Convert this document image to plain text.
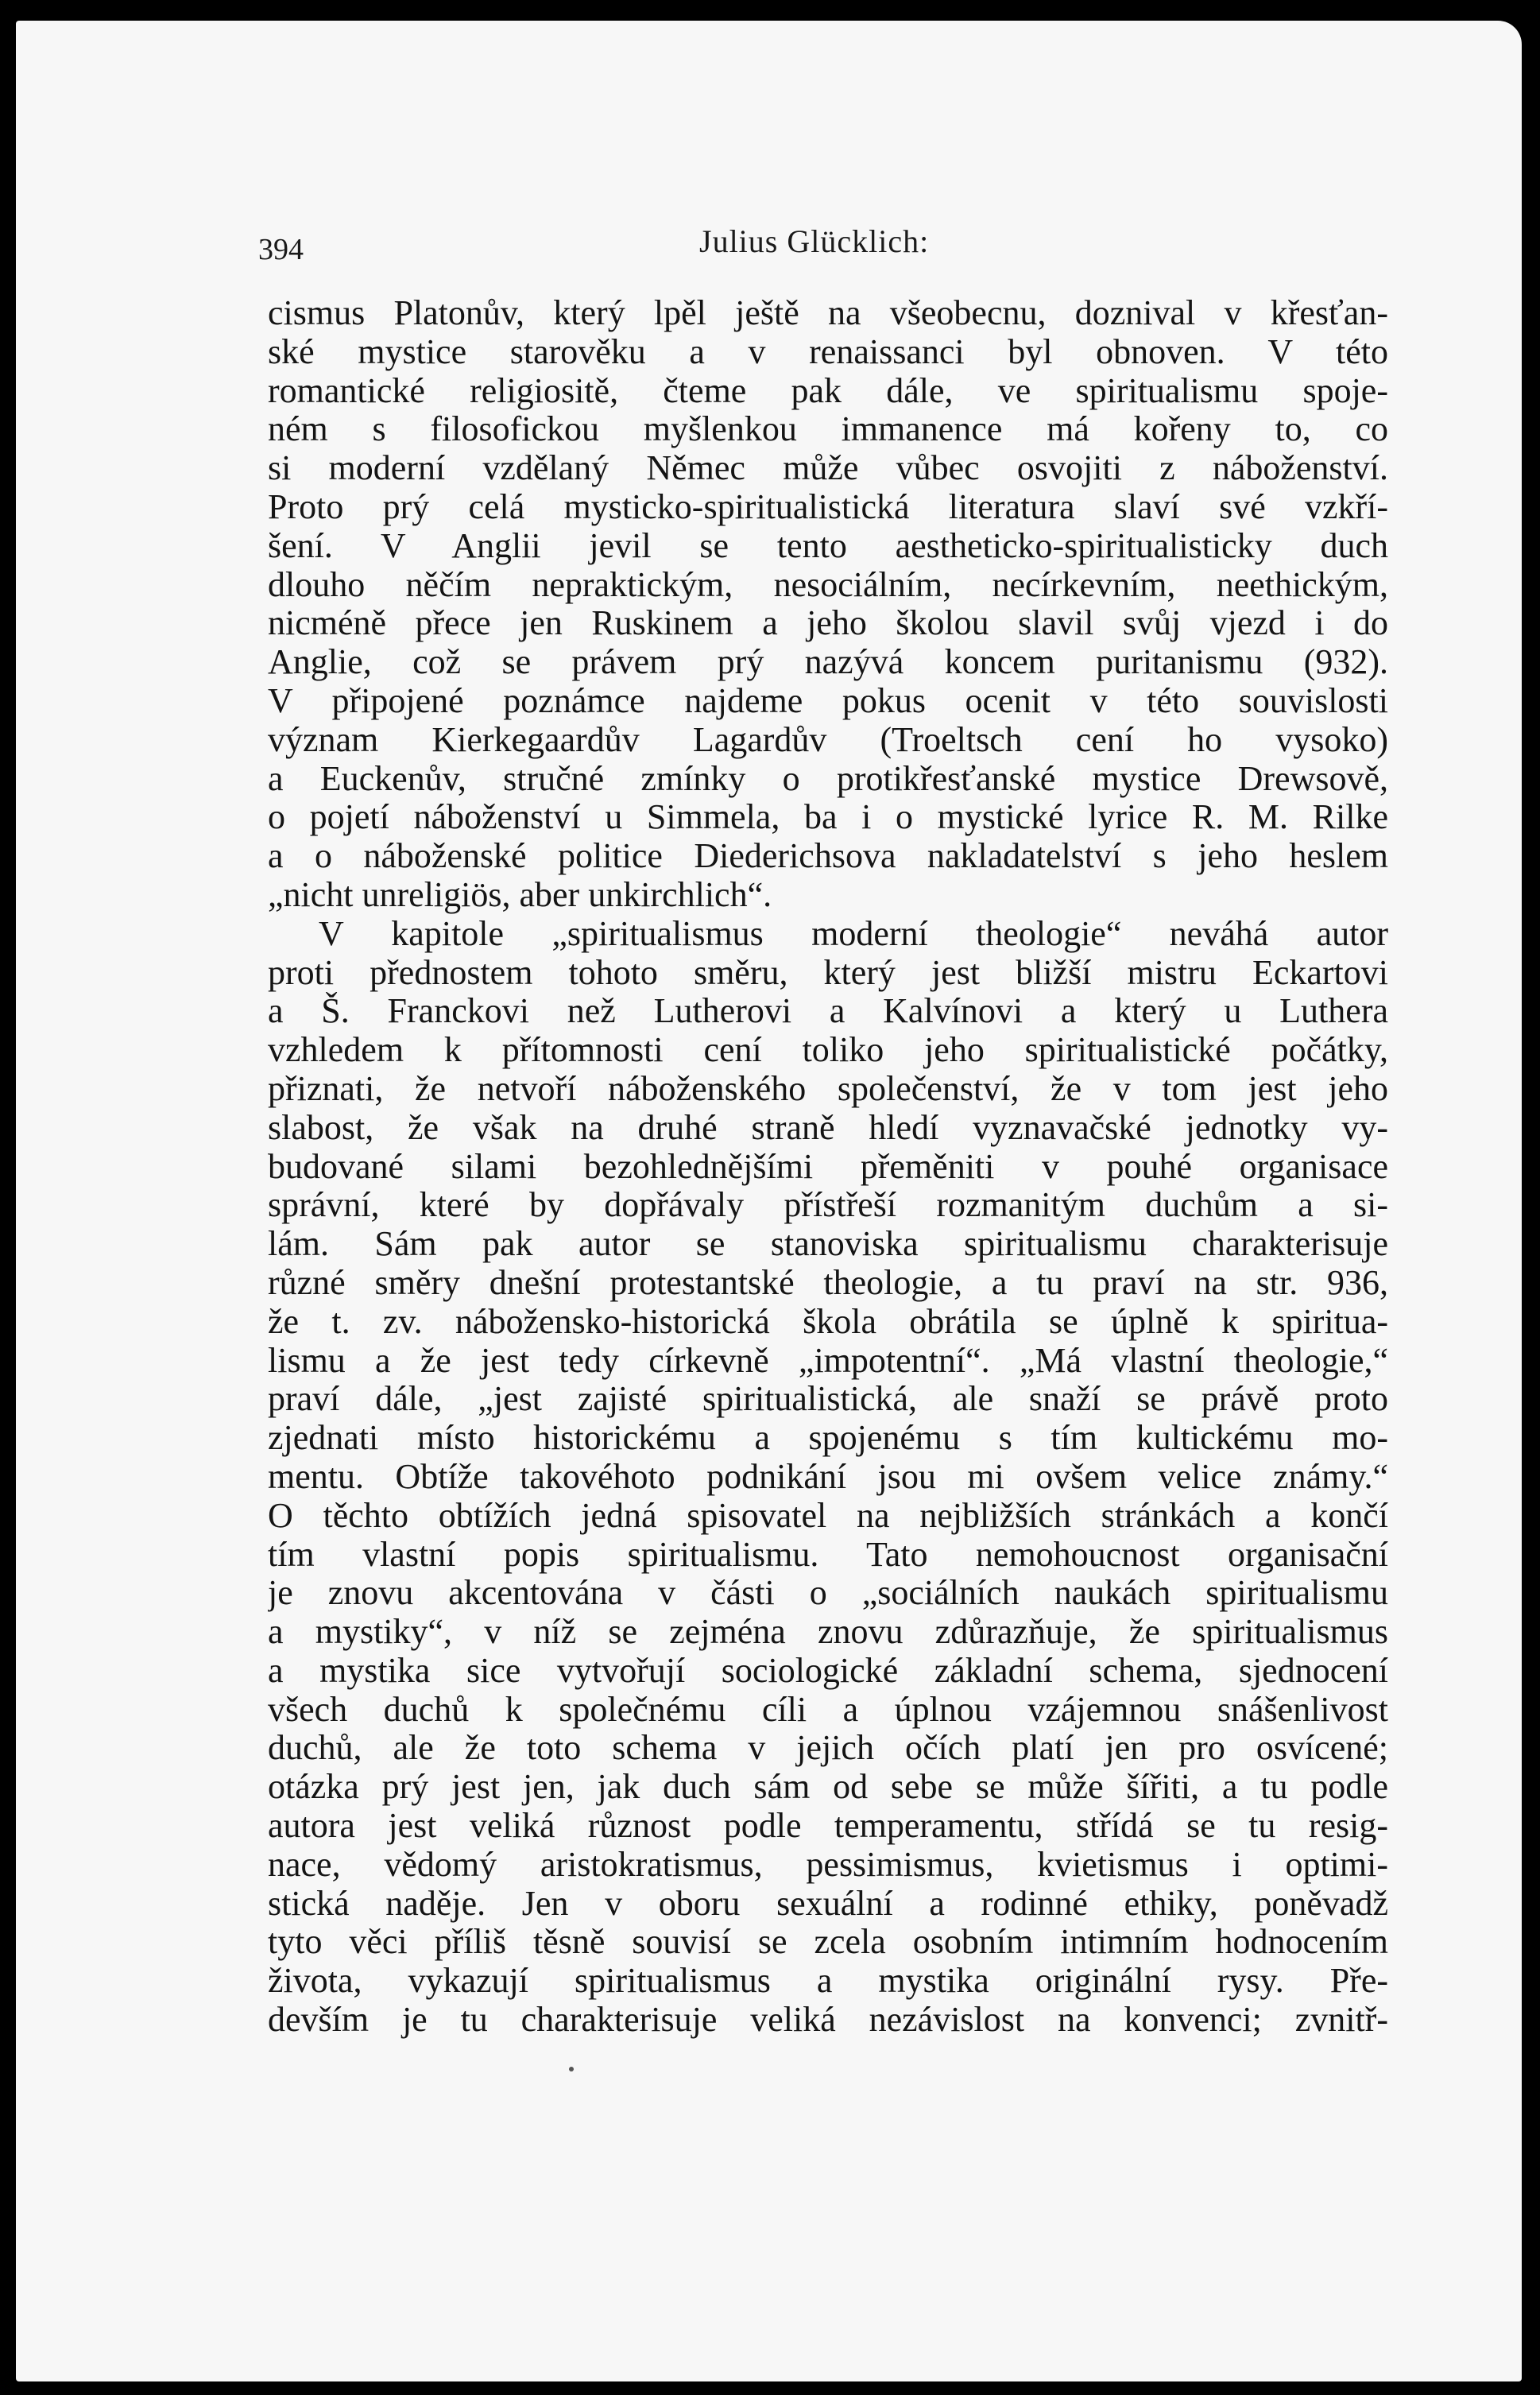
394	Julius Glücklich:
cismus Platonův, který lpěl ještě na všeobecnu, doznival v křesťan-
ské mystice starověku a v renaissanci byl obnoven. V této
romantické religiositě, čteme pak dále, ve spiritualismu spoje-
ném s filosofickou myšlenkou immanence má kořeny to, co
si moderní vzdělaný Němec může vůbec osvojiti z náboženství.
Proto prý celá mysticko-spiritualistická literatura slaví své vzkří-
šení. V Anglii jevil se tento aestheticko-spiritualisticky duch
dlouho něčím nepraktickým, nesociálním, necírkevním, neethickým,
nicméně přece jen Ruskinem a jeho školou slavil svůj vjezd i do
Anglie, což se právem prý nazývá koncem puritanismu (932).
V připojené poznámce najdeme pokus ocenit v této souvislosti
význam Kierkegaardův Lagardův (Troeltsch cení ho vysoko)
a Euckenův, stručné zmínky o protikřesťanské mystice Drewsově,
o pojetí náboženství u Simmela, ba i o mystické lyrice R. M. Rilke
a o náboženské politice Diederichsova nakladatelství s jeho heslem
„nicht unreligiös, aber unkirchlich“.
V kapitole „spiritualismus moderní theologie“ neváhá autor
proti přednostem tohoto směru, který jest bližší mistru Eckartovi
a Š. Franckovi než Lutherovi a Kalvínovi a který u Luthera
vzhledem k přítomnosti cení toliko jeho spiritualistické počátky,
přiznati, že netvoří náboženského společenství, že v tom jest jeho
slabost, že však na druhé straně hledí vyznavačské jednotky vy-
budované silami bezohlednějšími přeměniti v pouhé organisace
správní, které by dopřávaly přístřeší rozmanitým duchům a si-
lám. Sám pak autor se stanoviska spiritualismu charakterisuje
různé směry dnešní protestantské theologie, a tu praví na str. 936,
že t. zv. nábožensko-historická škola obrátila se úplně k spiritua-
lismu a že jest tedy církevně „impotentní“. „Má vlastní theologie,“
praví dále, „jest zajisté spiritualistická, ale snaží se právě proto
zjednati místo historickému a spojenému s tím kultickému mo-
mentu. Obtíže takovéhoto podnikání jsou mi ovšem velice známy.“
O těchto obtížích jedná spisovatel na nejbližších stránkách a končí
tím vlastní popis spiritualismu. Tato nemohoucnost organisační
je znovu akcentována v části o „sociálních naukách spiritualismu
a mystiky“, v níž se zejména znovu zdůrazňuje, že spiritualismus
a mystika sice vytvořují sociologické základní schema, sjednocení
všech duchů k společnému cíli a úplnou vzájemnou snášenlivost
duchů, ale že toto schema v jejich očích platí jen pro osvícené;
otázka prý jest jen, jak duch sám od sebe se může šířiti, a tu podle
autora jest veliká různost podle temperamentu, střídá se tu resig-
nace, vědomý aristokratismus, pessimismus, kvietismus i optimi-
stická naděje. Jen v oboru sexuální a rodinné ethiky, poněvadž
tyto věci příliš těsně souvisí se zcela osobním intimním hodnocením
života, vykazují spiritualismus a mystika originální rysy. Pře-
devším je tu charakterisuje veliká nezávislost na konvenci; zvnitř-
